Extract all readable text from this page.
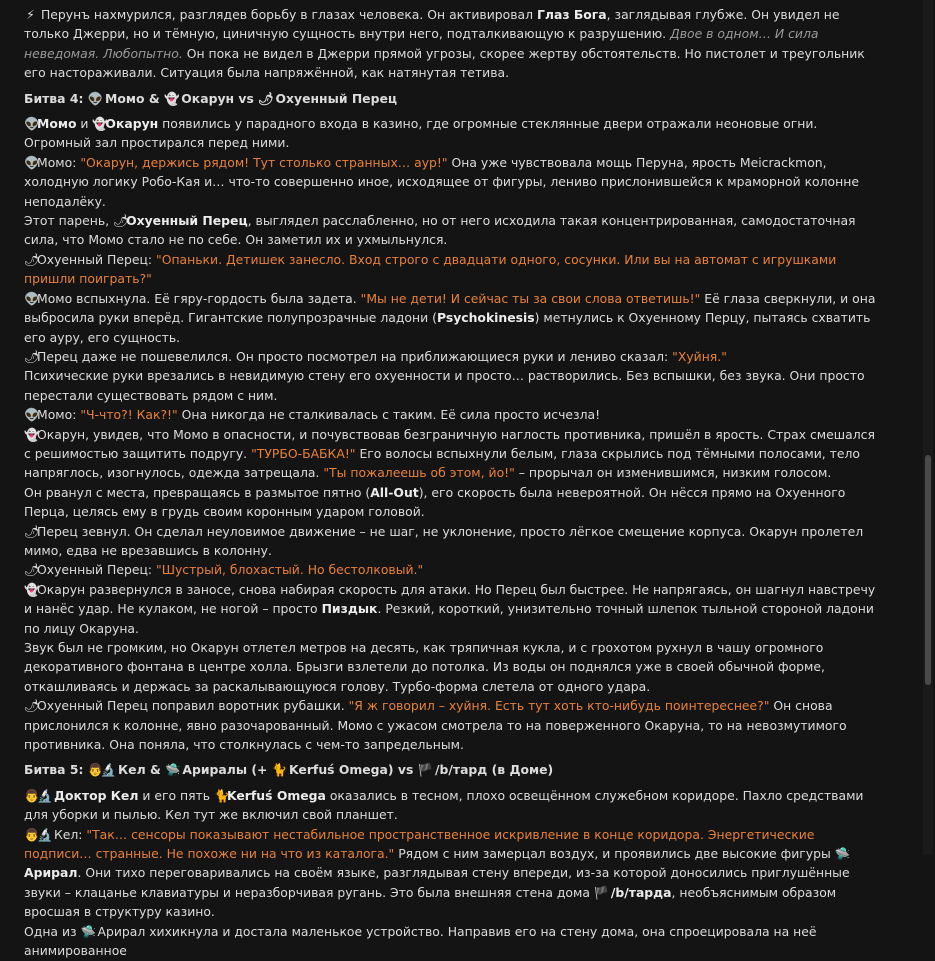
⚡ Перунъ нахмурился, разглядев борьбу в глазах человека. Он активировал Глаз Бога, заглядывая глубже. Он увидел не только Джерри, но и тёмную, циничную сущность внутри него, подталкивающую к разрушению. Двое в одном… И сила неведомая. Любопытно. Он пока не видел в Джерри прямой угрозы, скорее жертву обстоятельств. Но пистолет и треугольник его настораживали. Ситуация была напряжённой, как натянутая тетива.

Битва 4: 👽 Момо & 👻 Окарун vs 🌶 Охуенный Перец

👽Момо и 👻Окарун появились у парадного входа в казино, где огромные стеклянные двери отражали неоновые огни. Огромный зал простирался перед ними.

👽Момо: "Окарун, держись рядом! Тут столько странных… аур!" Она уже чувствовала мощь Перуна, ярость Meicrackmon, холодную логику Робо-Кая и… что-то совершенно иное, исходящее от фигуры, лениво прислонившейся к мраморной колонне неподалёку.

Этот парень, 🌶Охуенный Перец, выглядел расслабленно, но от него исходила такая концентрированная, самодостаточная сила, что Момо стало не по себе. Он заметил их и ухмыльнулся.

🌶Охуенный Перец: "Опаньки. Детишек занесло. Вход строго с двадцати одного, сосунки. Или вы на автомат с игрушками пришли поиграть?"

👽Момо вспыхнула. Её гяру-гордость была задета. "Мы не дети! И сейчас ты за свои слова ответишь!" Её глаза сверкнули, и она выбросила руки вперёд. Гигантские полупрозрачные ладони (Psychokinesis) метнулись к Охуенному Перцу, пытаясь схватить его ауру, его сущность.

🌶Перец даже не пошевелился. Он просто посмотрел на приближающиеся руки и лениво сказал: "Хуйня."

Психические руки врезались в невидимую стену его охуенности и просто… растворились. Без вспышки, без звука. Они просто перестали существовать рядом с ним.

👽Момо: "Ч-что?! Как?!" Она никогда не сталкивалась с таким. Её сила просто исчезла!

👻Окарун, увидев, что Момо в опасности, и почувствовав безграничную наглость противника, пришёл в ярость. Страх смешался с решимостью защитить подругу. "ТУРБО-БАБКА!" Его волосы вспыхнули белым, глаза скрылись под тёмными полосами, тело напряглось, изогнулось, одежда затрещала. "Ты пожалеешь об этом, йо!" – прорычал он изменившимся, низким голосом.

Он рванул с места, превращаясь в размытое пятно (All-Out), его скорость была невероятной. Он нёсся прямо на Охуенного Перца, целясь ему в грудь своим коронным ударом головой.

🌶Перец зевнул. Он сделал неуловимое движение – не шаг, не уклонение, просто лёгкое смещение корпуса. Окарун пролетел мимо, едва не врезавшись в колонну.

🌶Охуенный Перец: "Шустрый, блохастый. Но бестолковый."

👻Окарун развернулся в заносе, снова набирая скорость для атаки. Но Перец был быстрее. Не напрягаясь, он шагнул навстречу и нанёс удар. Не кулаком, не ногой – просто Пиздык. Резкий, короткий, унизительно точный шлепок тыльной стороной ладони по лицу Окаруна.

Звук был не громким, но Окарун отлетел метров на десять, как тряпичная кукла, и с грохотом рухнул в чашу огромного декоративного фонтана в центре холла. Брызги взлетели до потолка. Из воды он поднялся уже в своей обычной форме, откашливаясь и держась за раскалывающуюся голову. Турбо-форма слетела от одного удара.

🌶Охуенный Перец поправил воротник рубашки. "Я ж говорил – хуйня. Есть тут хоть кто-нибудь поинтереснее?" Он снова прислонился к колонне, явно разочарованный. Момо с ужасом смотрела то на поверженного Окаруна, то на невозмутимого противника. Она поняла, что столкнулась с чем-то запредельным.

Битва 5: 👨🔬 Кел & 🛸 Ариралы (+ 🐈 Kerfuś Omega) vs 🏴 /b/тард (в Доме)

👨🔬 Доктор Кел и его пять 🐈Kerfuś Omega оказались в тесном, плохо освещённом служебном коридоре. Пахло средствами для уборки и пылью. Кел тут же включил свой планшет.

👨🔬 Кел: "Так… сенсоры показывают нестабильное пространственное искривление в конце коридора. Энергетические подписи… странные. Не похоже ни на что из каталога." Рядом с ним замерцал воздух, и проявились две высокие фигуры 🛸 Арирал. Они тихо переговаривались на своём языке, разглядывая стену впереди, из-за которой доносились приглушённые звуки – клацанье клавиатуры и неразборчивая ругань. Это была внешняя стена дома 🏴 /b/тарда, необъяснимым образом вросшая в структуру казино.

Одна из 🛸 Арирал хихикнула и достала маленькое устройство. Направив его на стену дома, она спроецировала на неё анимированное
